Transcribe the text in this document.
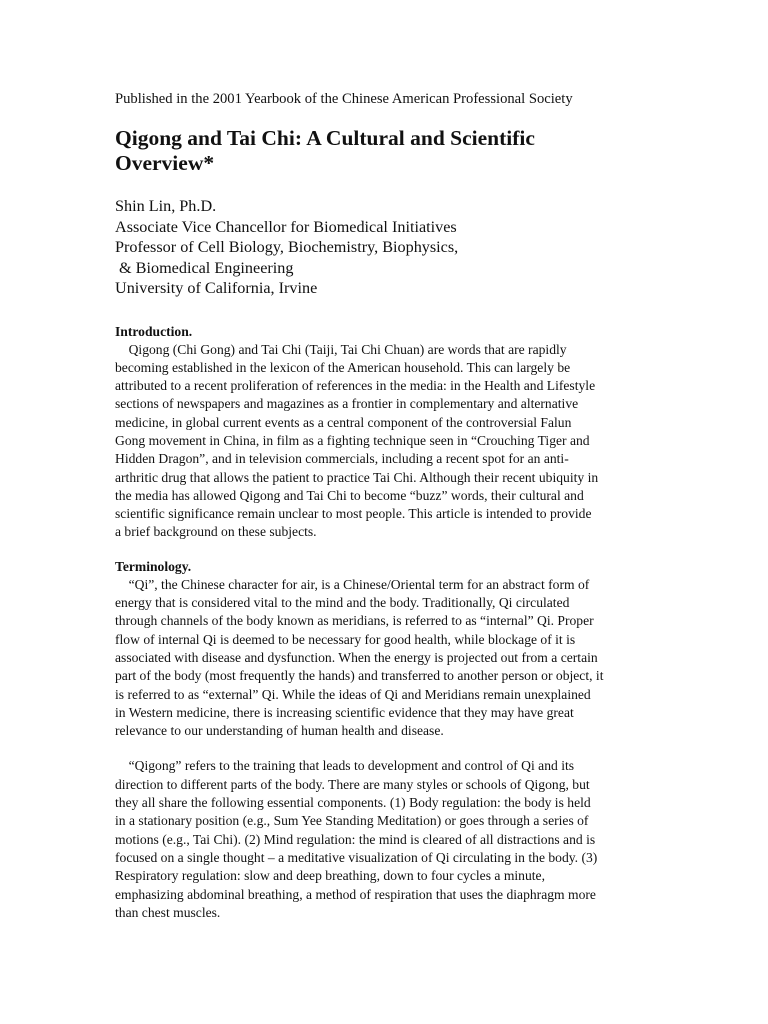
Published in the 2001 Yearbook of the Chinese American Professional Society

Qigong and Tai Chi: A Cultural and Scientific
Overview*
Shin Lin, Ph.D.
Associate Vice Chancellor for Biomedical Initiatives
Professor of Cell Biology, Biochemistry, Biophysics,
& Biomedical Engineering
University of California, Irvine
Introduction.

Qigong (Chi Gong) and Tai Chi (Taiji, Tai Chi Chuan) are words that are rapidly
becoming established in the lexicon of the American household. This can largely be
attributed to a recent proliferation of references in the media: in the Health and Lifestyle
sections of newspapers and magazines as a frontier in complementary and alternative
medicine, in global current events as a central component of the controversial Falun
Gong movement in China, in film as a fighting technique seen in “Crouching Tiger and
Hidden Dragon”, and in television commercials, including a recent spot for an anti-
arthritic drug that allows the patient to practice Tai Chi. Although their recent ubiquity in
the media has allowed Qigong and Tai Chi to become “buzz” words, their cultural and
scientific significance remain unclear to most people. This article is intended to provide
a brief background on these subjects.

Terminology.

“Qi”, the Chinese character for air, is a Chinese/Oriental term for an abstract form of
energy that is considered vital to the mind and the body. Traditionally, Qi circulated
through channels of the body known as meridians, is referred to as “internal” Qi. Proper
flow of internal Qi is deemed to be necessary for good health, while blockage of it is
associated with disease and dysfunction. When the energy is projected out from a certain
part of the body (most frequently the hands) and transferred to another person or object, it
is referred to as “external” Qi. While the ideas of Qi and Meridians remain unexplained
in Western medicine, there is increasing scientific evidence that they may have great
relevance to our understanding of human health and disease.

“Qigong” refers to the training that leads to development and control of Qi and its
direction to different parts of the body. There are many styles or schools of Qigong, but
they all share the following essential components. (1) Body regulation: the body is held
in a stationary position (e.g., Sum Yee Standing Meditation) or goes through a series of
motions (e.g., Tai Chi). (2) Mind regulation: the mind is cleared of all distractions and is
focused on a single thought – a meditative visualization of Qi circulating in the body. (3)
Respiratory regulation: slow and deep breathing, down to four cycles a minute,
emphasizing abdominal breathing, a method of respiration that uses the diaphragm more
than chest muscles.
